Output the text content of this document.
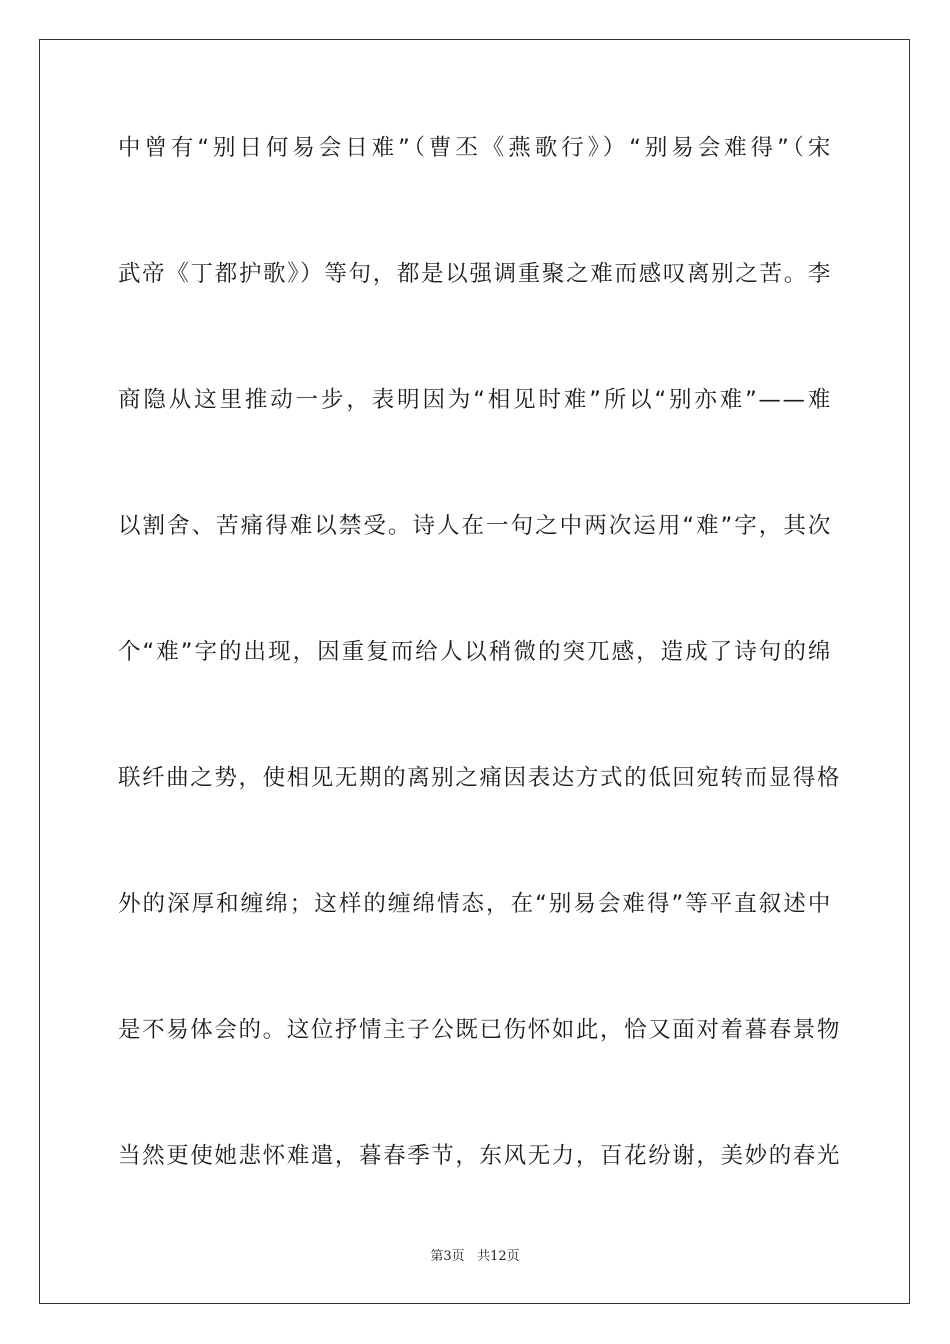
中曾有“别日何易会日难”（曹丕《燕歌行》）“别易会难得”（宋
武帝《丁都护歌》）等句，都是以强调重聚之难而感叹离别之苦。李
商隐从这里推动一步，表明因为“相见时难”所以“别亦难”——难
以割舍、苦痛得难以禁受。诗人在一句之中两次运用“难”字，其次
个“难”字的出现，因重复而给人以稍微的突兀感，造成了诗句的绵
联纤曲之势，使相见无期的离别之痛因表达方式的低回宛转而显得格
外的深厚和缠绵；这样的缠绵情态，在“别易会难得”等平直叙述中
是不易体会的。这位抒情主子公既已伤怀如此，恰又面对着暮春景物
当然更使她悲怀难遣，暮春季节，东风无力，百花纷谢，美妙的春光
第3页 共12页
